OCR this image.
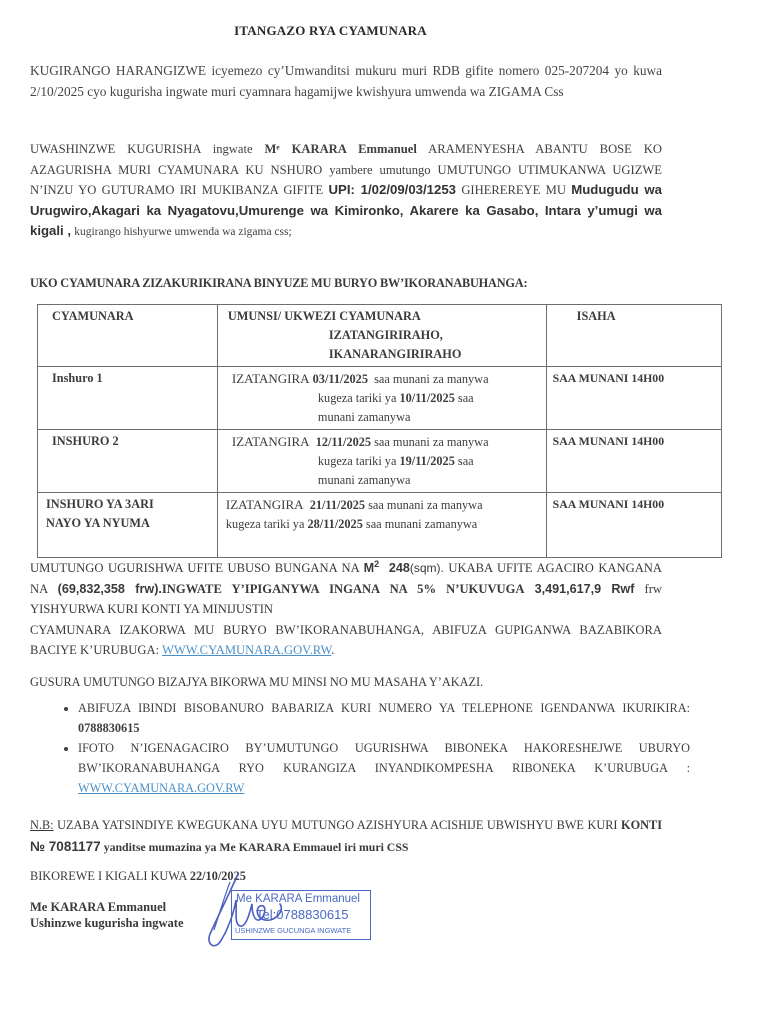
ITANGAZO RYA CYAMUNARA
KUGIRANGO HARANGIZWE icyemezo cy’Umwanditsi mukuru muri RDB gifite nomero 025-207204 yo kuwa 2/10/2025 cyo kugurisha ingwate muri cyamnara hagamijwe kwishyura umwenda wa ZIGAMA Css
UWASHINZWE KUGURISHA ingwate Mᵉ KARARA Emmanuel ARAMENYESHA ABANTU BOSE KO AZAGURISHA MURI CYAMUNARA KU NSHURO yambere umutungo UMUTUNGO UTIMUKANWA UGIZWE N’INZU YO GUTURAMO IRI MUKIBANZA GIFITE UPI: 1/02/09/03/1253 GIHEREREYE MU Mudugudu wa Urugwiro,Akagari ka Nyagatovu,Umurenge wa Kimironko, Akarere ka Gasabo, Intara y’umugi wa kigali , kugirango hishyurwe umwenda wa zigama css;
UKO CYAMUNARA ZIZAKURIKIRANA BINYUZE MU BURYO BW’IKORANABUHANGA:
CYAMUNARA	UMUNSI/ UKWEZI CYAMUNARA
IZATANGIRIRAHO,
IKANARANGIRIRAHO	ISAHA
Inshuro 1	IZATANGIRA 03/11/2025 saa munani za manywa
kugeza tariki ya 10/11/2025 saa
munani zamanywa	SAA MUNANI 14H00
INSHURO 2	IZATANGIRA 12/11/2025 saa munani za manywa
kugeza tariki ya 19/11/2025 saa
munani zamanywa	SAA MUNANI 14H00

INSHURO YA 3ARI
NAYO YA NYUMA	IZATANGIRA 21/11/2025 saa munani za manywa
kugeza tariki ya 28/11/2025 saa munani zamanywa	SAA MUNANI 14H00
UMUTUNGO UGURISHWA UFITE UBUSO BUNGANA NA $M^2$ 248(sqm). UKABA UFITE AGACIRO KANGANA NA (69,832,358 frw).INGWATE Y’IPIGANYWA INGANA NA 5% N’UKUVUGA 3,491,617,9 Rwf frw YISHYURWA KURI KONTI YA MINIJUSTIN
CYAMUNARA IZAKORWA MU BURYO BW’IKORANABUHANGA, ABIFUZA GUPIGANWA BAZABIKORA BACIYE K’URUBUGA: WWW.CYAMUNARA.GOV.RW.
GUSURA UMUTUNGO BIZAJYA BIKORWA MU MINSI NO MU MASAHA Y’AKAZI.
• ABIFUZA IBINDI BISOBANURO BABARIZA KURI NUMERO YA TELEPHONE IGENDANWA IKURIKIRA: 0788830615
• IFOTO N’IGENAGACIRO BY’UMUTUNGO UGURISHWA BIBONEKA HAKORESHEJWE UBURYO BW’IKORANABUHANGA RYO KURANGIZA INYANDIKOMPESHA RIBONEKA K’URUBUGA : WWW.CYAMUNARA.GOV.RW
N.B: UZABA YATSINDIYE KWEGUKANA UYU MUTUNGO AZISHYURA ACISHIJE UBWISHYU BWE KURI KONTI № 7081177 yanditse mumazina ya Me KARARA Emmauel iri muri CSS
BIKOREWE I KIGALI KUWA 22/10/2025
Me KARARA Emmanuel
Ushinzwe kugurisha ingwate
Me KARARA Emmanuel
Tel:0788830615
USHINZWE GUCUNGA INGWATE
